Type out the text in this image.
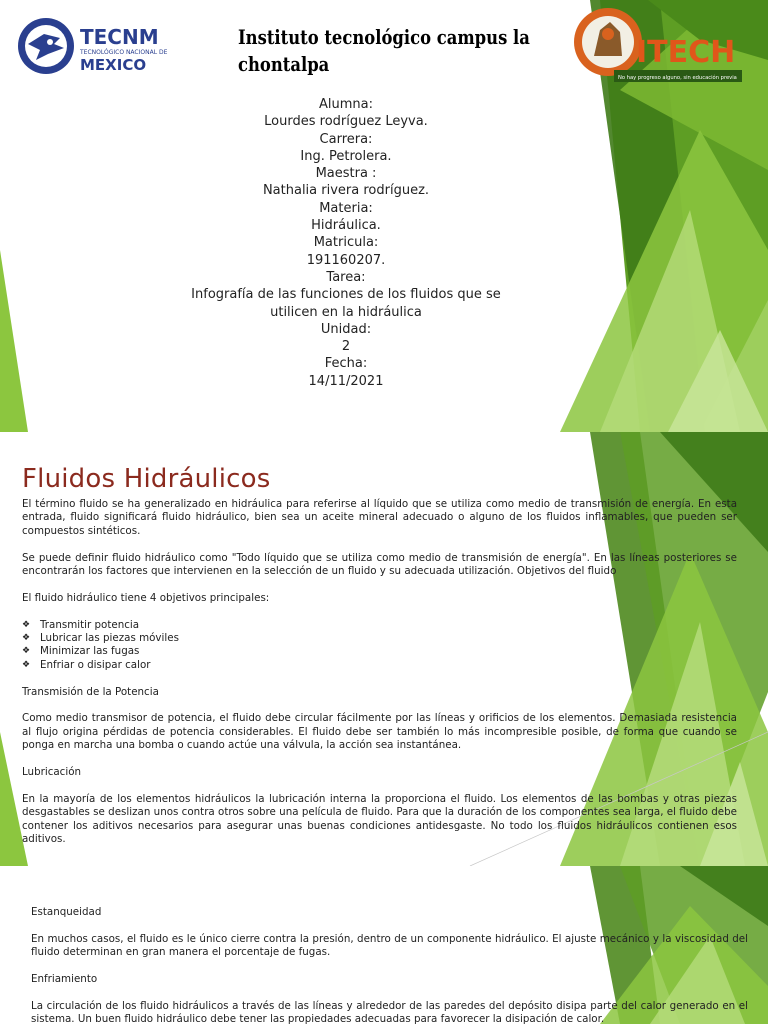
TECNM
TECNOLÓGICO NACIONAL DE
MEXICO
Instituto tecnológico campus la
chontalpa	ITECH
No hay progreso alguno, sin educación previa
Alumna:
Lourdes rodríguez Leyva.
Carrera:
Ing. Petrolera.
Maestra :
Nathalia rivera rodríguez.
Materia:
Hidráulica.
Matricula:
191160207.
Tarea:
Infografía de las funciones de los fluidos que se
utilicen en la hidráulica
Unidad:
2
Fecha:
14/11/2021
Fluidos Hidráulicos

El término fluido se ha generalizado en hidráulica para referirse al líquido que se utiliza como medio de transmisión de energía. En esta entrada, fluido significará fluido hidráulico, bien sea un aceite mineral adecuado o alguno de los fluidos inflamables, que pueden ser compuestos sintéticos.

Se puede definir fluido hidráulico como "Todo líquido que se utiliza como medio de transmisión de energía". En las líneas posteriores se encontrarán los factores que intervienen en la selección de un fluido y su adecuada utilización. Objetivos del fluido

El fluido hidráulico tiene 4 objetivos principales:

❖ Transmitir potencia
❖ Lubricar las piezas móviles
❖ Minimizar las fugas
❖ Enfriar o disipar calor

Transmisión de la Potencia

Como medio transmisor de potencia, el fluido debe circular fácilmente por las líneas y orificios de los elementos. Demasiada resistencia al flujo origina pérdidas de potencia considerables. El fluido debe ser también lo más incompresible posible, de forma que cuando se ponga en marcha una bomba o cuando actúe una válvula, la acción sea instantánea.

Lubricación

En la mayoría de los elementos hidráulicos la lubricación interna la proporciona el fluido. Los elementos de las bombas y otras piezas desgastables se deslizan unos contra otros sobre una película de fluido. Para que la duración de los componentes sea larga, el fluido debe contener los aditivos necesarios para asegurar unas buenas condiciones antidesgaste. No todo los fluidos hidráulicos contienen esos aditivos.

Estanqueidad

En muchos casos, el fluido es le único cierre contra la presión, dentro de un componente hidráulico. El ajuste mecánico y la viscosidad del fluido determinan en gran manera el porcentaje de fugas.

Enfriamiento

La circulación de los fluido hidráulicos a través de las líneas y alrededor de las paredes del depósito disipa parte del calor generado en el sistema. Un buen fluido hidráulico debe tener las propiedades adecuadas para favorecer la disipación de calor.
